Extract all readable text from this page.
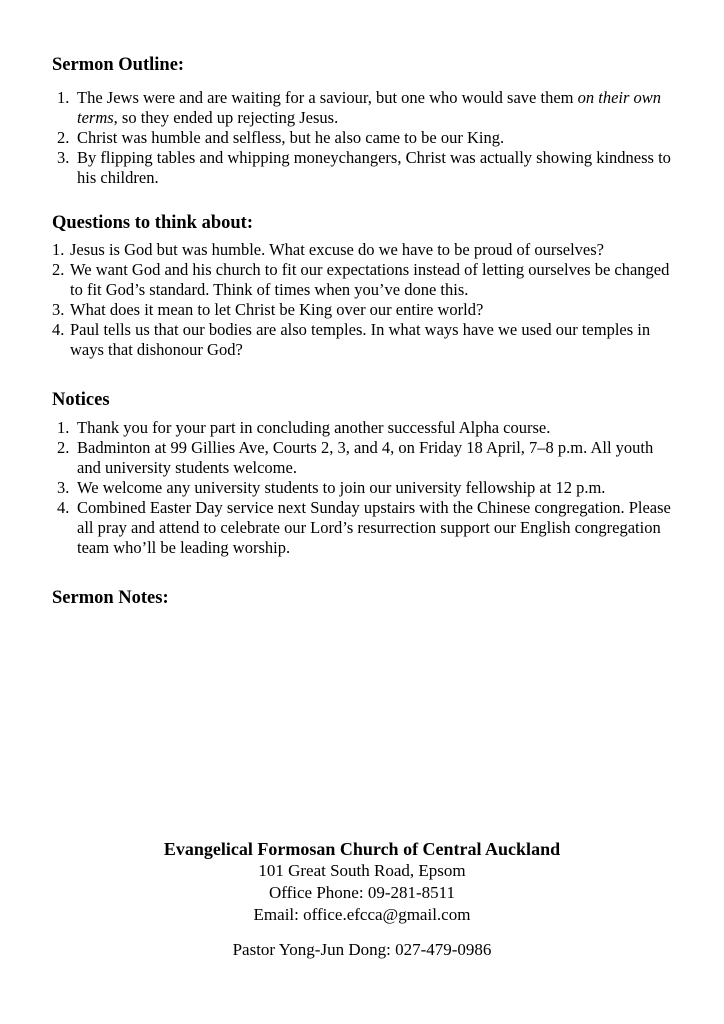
Sermon Outline:
1. The Jews were and are waiting for a saviour, but one who would save them on their own terms, so they ended up rejecting Jesus.
2. Christ was humble and selfless, but he also came to be our King.
3. By flipping tables and whipping moneychangers, Christ was actually showing kindness to his children.
Questions to think about:
1. Jesus is God but was humble. What excuse do we have to be proud of ourselves?
2. We want God and his church to fit our expectations instead of letting ourselves be changed to fit God’s standard. Think of times when you’ve done this.
3. What does it mean to let Christ be King over our entire world?
4. Paul tells us that our bodies are also temples. In what ways have we used our temples in ways that dishonour God?
Notices
1. Thank you for your part in concluding another successful Alpha course.
2. Badminton at 99 Gillies Ave, Courts 2, 3, and 4, on Friday 18 April, 7–8 p.m. All youth and university students welcome.
3. We welcome any university students to join our university fellowship at 12 p.m.
4. Combined Easter Day service next Sunday upstairs with the Chinese congregation. Please all pray and attend to celebrate our Lord’s resurrection support our English congregation team who’ll be leading worship.
Sermon Notes:
Evangelical Formosan Church of Central Auckland
101 Great South Road, Epsom
Office Phone: 09-281-8511
Email: office.efcca@gmail.com
Pastor Yong-Jun Dong: 027-479-0986
